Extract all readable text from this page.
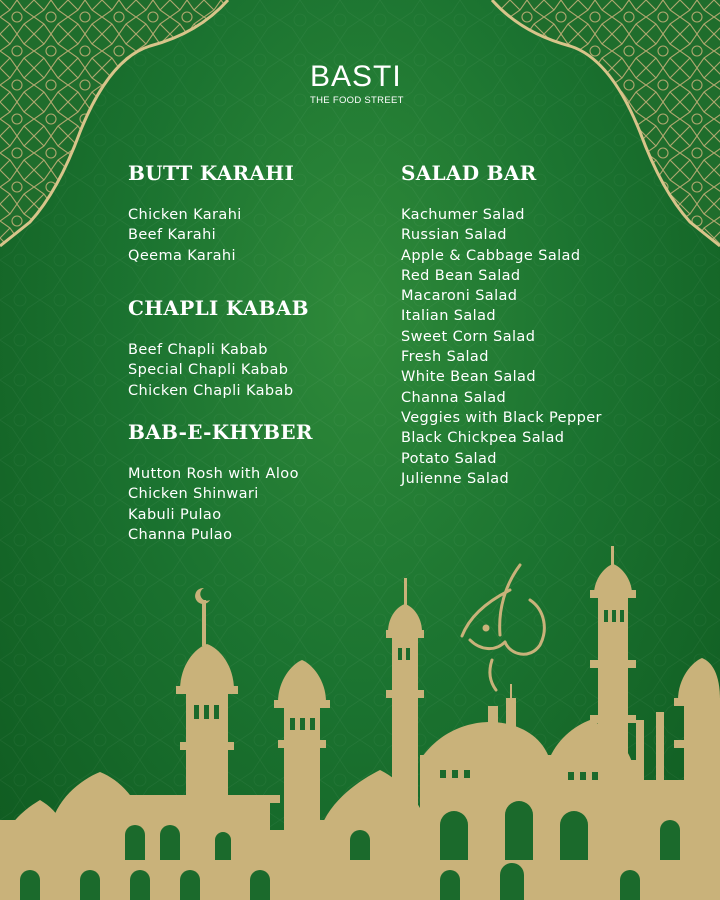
BASTI
THE FOOD STREET
BUTT KARAHI
Chicken Karahi
Beef Karahi
Qeema Karahi
CHAPLI KABAB
Beef Chapli Kabab
Special Chapli Kabab
Chicken Chapli Kabab
BAB-E-KHYBER
Mutton Rosh with Aloo
Chicken Shinwari
Kabuli Pulao
Channa Pulao
SALAD BAR
Kachumer Salad
Russian Salad
Apple & Cabbage Salad
Red Bean Salad
Macaroni Salad
Italian Salad
Sweet Corn Salad
Fresh Salad
White Bean Salad
Channa Salad
Veggies with Black Pepper
Black Chickpea Salad
Potato Salad
Julienne Salad
